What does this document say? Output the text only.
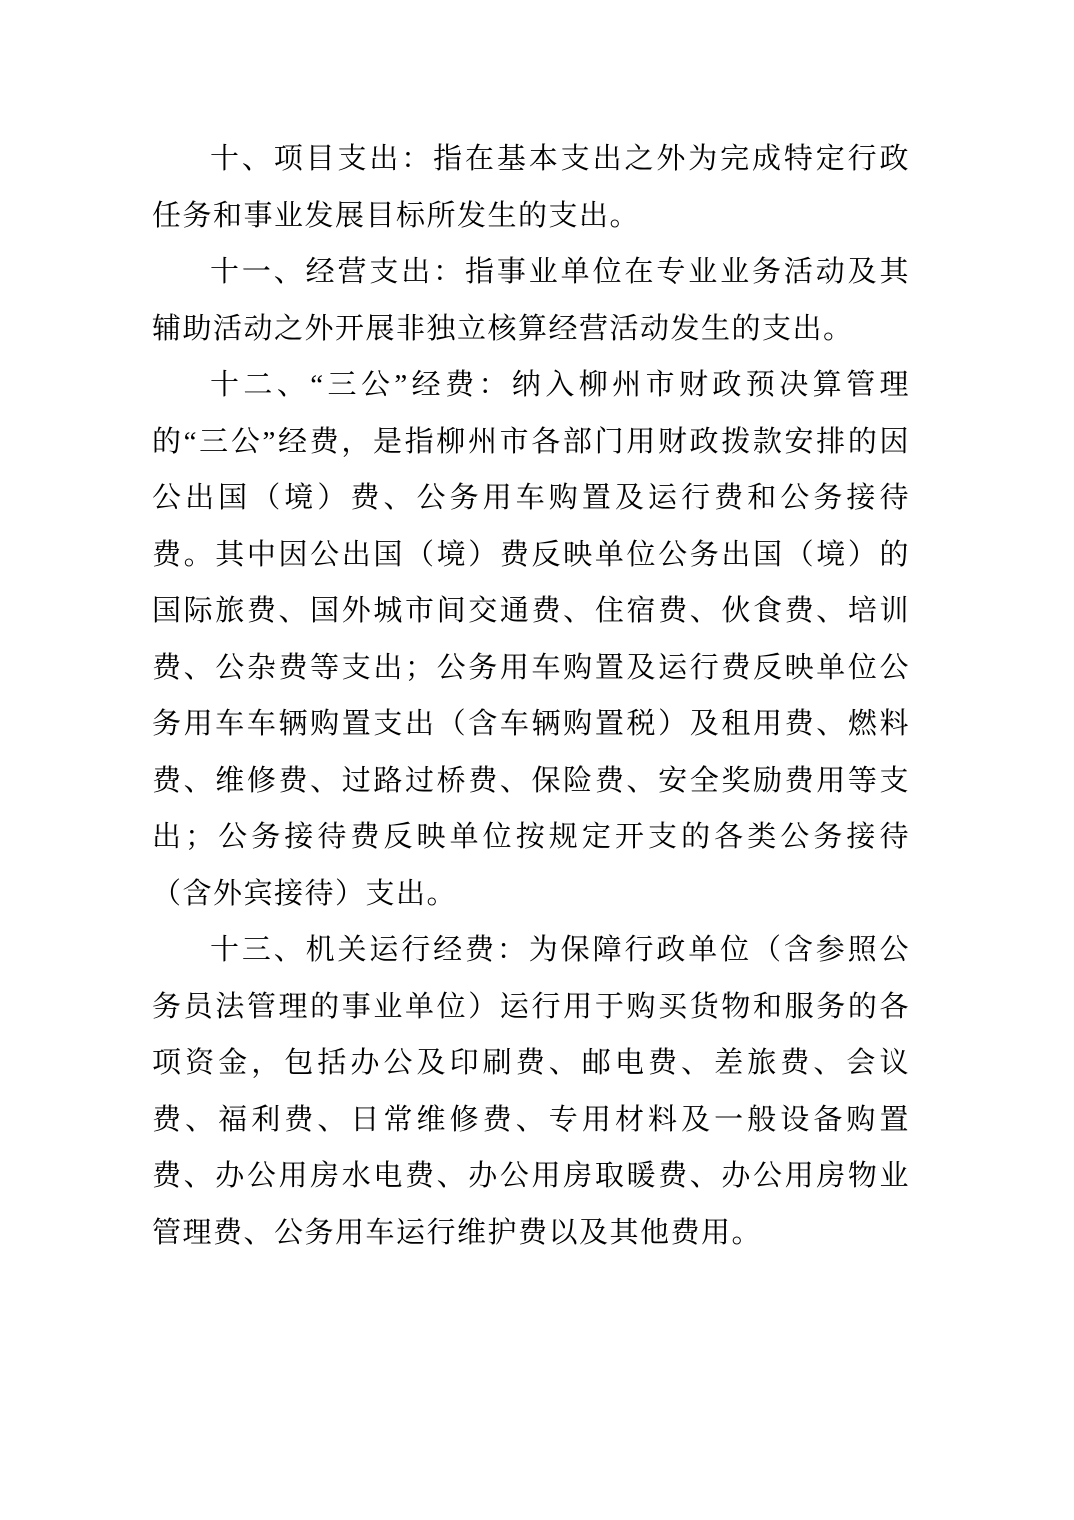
十、项目支出：指在基本支出之外为完成特定行政任务和事业发展目标所发生的支出。

十一、经营支出：指事业单位在专业业务活动及其辅助活动之外开展非独立核算经营活动发生的支出。

十二、“三公”经费：纳入柳州市财政预决算管理的“三公”经费，是指柳州市各部门用财政拨款安排的因公出国（境）费、公务用车购置及运行费和公务接待费。其中因公出国（境）费反映单位公务出国（境）的国际旅费、国外城市间交通费、住宿费、伙食费、培训费、公杂费等支出；公务用车购置及运行费反映单位公务用车车辆购置支出（含车辆购置税）及租用费、燃料费、维修费、过路过桥费、保险费、安全奖励费用等支出；公务接待费反映单位按规定开支的各类公务接待（含外宾接待）支出。

十三、机关运行经费：为保障行政单位（含参照公务员法管理的事业单位）运行用于购买货物和服务的各项资金，包括办公及印刷费、邮电费、差旅费、会议费、福利费、日常维修费、专用材料及一般设备购置费、办公用房水电费、办公用房取暖费、办公用房物业管理费、公务用车运行维护费以及其他费用。
